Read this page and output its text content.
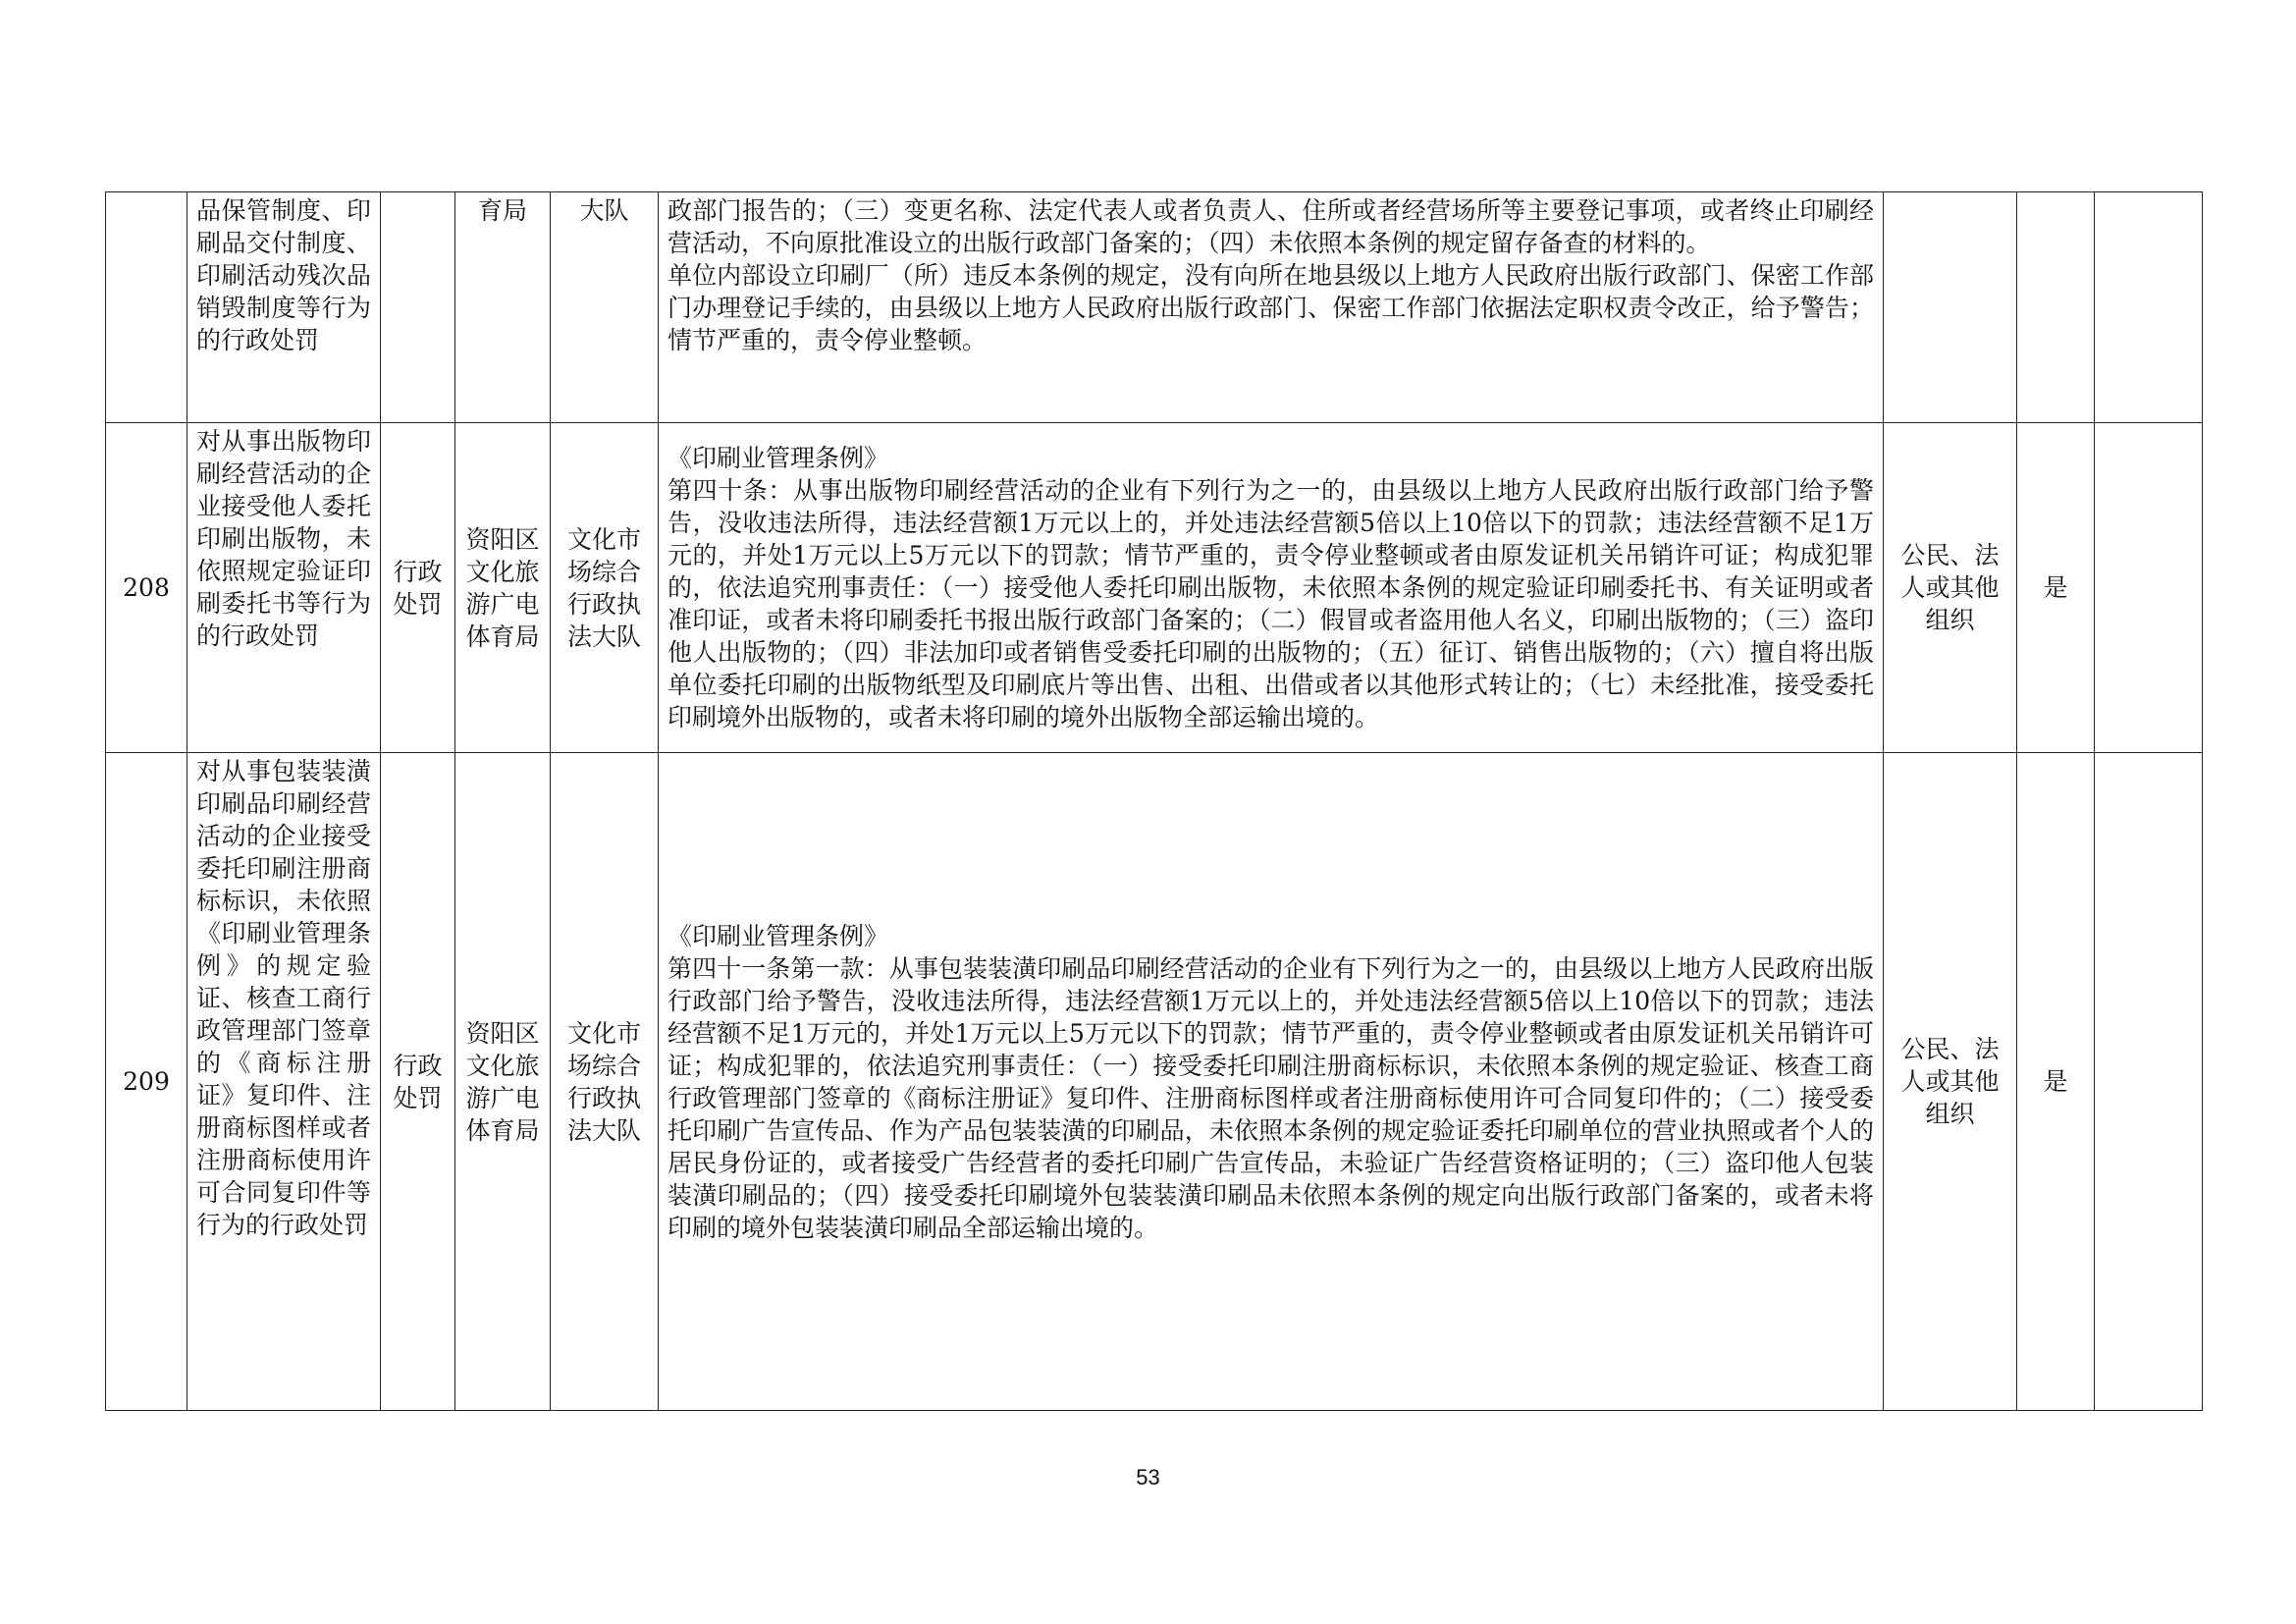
	品保管制度、印刷品交付制度、印刷活动残次品销毁制度等行为的行政处罚		育局	大队	政部门报告的；（三）变更名称、法定代表人或者负责人、住所或者经营场所等主要登记事项，或者终止印刷经营活动，不向原批准设立的出版行政部门备案的；（四）未依照本条例的规定留存备查的材料的。
单位内部设立印刷厂（所）违反本条例的规定，没有向所在地县级以上地方人民政府出版行政部门、保密工作部门办理登记手续的，由县级以上地方人民政府出版行政部门、保密工作部门依据法定职权责令改正，给予警告；情节严重的，责令停业整顿。			

208	对从事出版物印刷经营活动的企业接受他人委托印刷出版物，未依照规定验证印刷委托书等行为的行政处罚	行政处罚	资阳区文化旅游广电体育局	文化市场综合行政执法大队	《印刷业管理条例》
第四十条：从事出版物印刷经营活动的企业有下列行为之一的，由县级以上地方人民政府出版行政部门给予警告，没收违法所得，违法经营额1万元以上的，并处违法经营额5倍以上10倍以下的罚款；违法经营额不足1万元的，并处1万元以上5万元以下的罚款；情节严重的，责令停业整顿或者由原发证机关吊销许可证；构成犯罪的，依法追究刑事责任：（一）接受他人委托印刷出版物，未依照本条例的规定验证印刷委托书、有关证明或者准印证，或者未将印刷委托书报出版行政部门备案的；（二）假冒或者盗用他人名义，印刷出版物的；（三）盗印他人出版物的；（四）非法加印或者销售受委托印刷的出版物的；（五）征订、销售出版物的；（六）擅自将出版单位委托印刷的出版物纸型及印刷底片等出售、出租、出借或者以其他形式转让的；（七）未经批准，接受委托印刷境外出版物的，或者未将印刷的境外出版物全部运输出境的。	公民、法人或其他组织	是	
209	对从事包装装潢印刷品印刷经营活动的企业接受委托印刷注册商标标识，未依照《印刷业管理条例》的规定验证、核查工商行政管理部门签章的《商标注册证》复印件、注册商标图样或者注册商标使用许可合同复印件等行为的行政处罚	行政处罚	资阳区文化旅游广电体育局	文化市场综合行政执法大队	《印刷业管理条例》
第四十一条第一款：从事包装装潢印刷品印刷经营活动的企业有下列行为之一的，由县级以上地方人民政府出版行政部门给予警告，没收违法所得，违法经营额1万元以上的，并处违法经营额5倍以上10倍以下的罚款；违法经营额不足1万元的，并处1万元以上5万元以下的罚款；情节严重的，责令停业整顿或者由原发证机关吊销许可证；构成犯罪的，依法追究刑事责任：（一）接受委托印刷注册商标标识，未依照本条例的规定验证、核查工商行政管理部门签章的《商标注册证》复印件、注册商标图样或者注册商标使用许可合同复印件的；（二）接受委托印刷广告宣传品、作为产品包装装潢的印刷品，未依照本条例的规定验证委托印刷单位的营业执照或者个人的居民身份证的，或者接受广告经营者的委托印刷广告宣传品，未验证广告经营资格证明的；（三）盗印他人包装装潢印刷品的；（四）接受委托印刷境外包装装潢印刷品未依照本条例的规定向出版行政部门备案的，或者未将印刷的境外包装装潢印刷品全部运输出境的。	公民、法人或其他组织	是	
53
